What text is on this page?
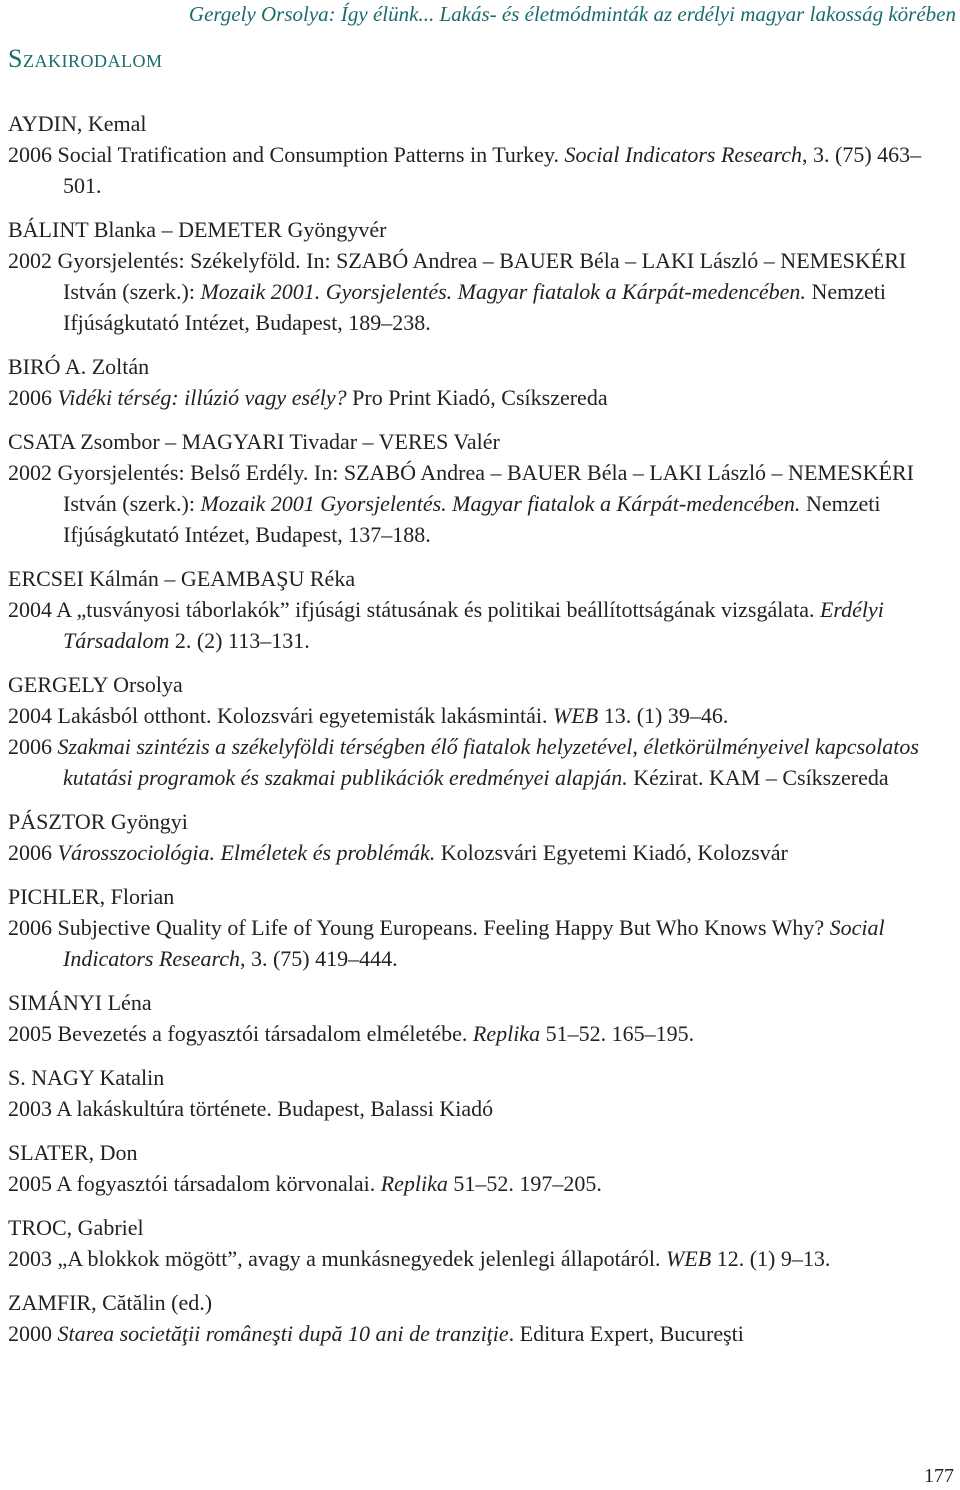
Gergely Orsolya: Így élünk... Lakás- és életmódminták az erdélyi magyar lakosság körében
Szakirodalom
AYDIN, Kemal
2006 Social Tratification and Consumption Patterns in Turkey. Social Indicators Research, 3. (75) 463–501.
BÁLINT Blanka – DEMETER Gyöngyvér
2002 Gyorsjelentés: Székelyföld. In: SZABÓ Andrea – BAUER Béla – LAKI László – NEMESKÉRI István (szerk.): Mozaik 2001. Gyorsjelentés. Magyar fiatalok a Kárpát-medencében. Nemzeti Ifjúságkutató Intézet, Budapest, 189–238.
BIRÓ A. Zoltán
2006 Vidéki térség: illúzió vagy esély? Pro Print Kiadó, Csíkszereda
CSATA Zsombor – MAGYARI Tivadar – VERES Valér
2002 Gyorsjelentés: Belső Erdély. In: SZABÓ Andrea – BAUER Béla – LAKI László – NEMESKÉRI István (szerk.): Mozaik 2001 Gyorsjelentés. Magyar fiatalok a Kárpát-medencében. Nemzeti Ifjúságkutató Intézet, Budapest, 137–188.
ERCSEI Kálmán – GEAMBAŞU Réka
2004 A „tusványosi táborlakók” ifjúsági státusának és politikai beállítottságának vizsgálata. Erdélyi Társadalom 2. (2) 113–131.
GERGELY Orsolya
2004 Lakásból otthont. Kolozsvári egyetemisták lakásmintái. WEB 13. (1) 39–46.
2006 Szakmai szintézis a székelyföldi térségben élő fiatalok helyzetével, életkörülményeivel kapcsolatos kutatási programok és szakmai publikációk eredményei alapján. Kézirat. KAM – Csíkszereda
PÁSZTOR Gyöngyi
2006 Városszociológia. Elméletek és problémák. Kolozsvári Egyetemi Kiadó, Kolozsvár
PICHLER, Florian
2006 Subjective Quality of Life of Young Europeans. Feeling Happy But Who Knows Why? Social Indicators Research, 3. (75) 419–444.
SIMÁNYI Léna
2005 Bevezetés a fogyasztói társadalom elméletébe. Replika 51–52. 165–195.
S. NAGY Katalin
2003 A lakáskultúra története. Budapest, Balassi Kiadó
SLATER, Don
2005 A fogyasztói társadalom körvonalai. Replika 51–52. 197–205.
TROC, Gabriel
2003 „A blokkok mögött”, avagy a munkásnegyedek jelenlegi állapotáról. WEB 12. (1) 9–13.
ZAMFIR, Cătălin (ed.)
2000 Starea societăţii româneşti după 10 ani de tranziţie. Editura Expert, Bucureşti
177
